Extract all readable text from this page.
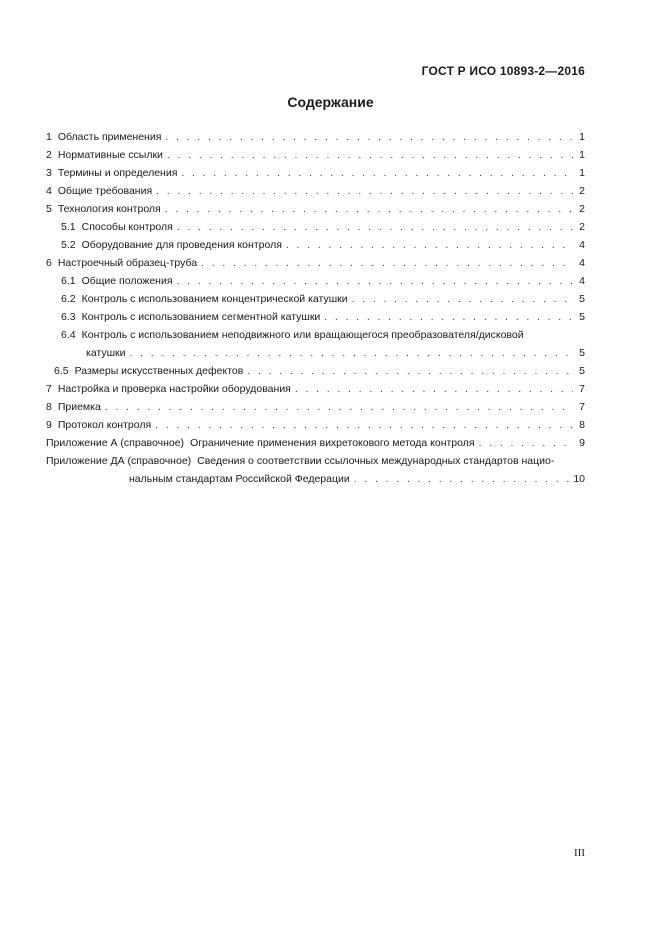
ГОСТ Р ИСО 10893-2—2016
Содержание
1 Область применения . . .	1
2 Нормативные ссылки . . .	1
3 Термины и определения . . .	1
4 Общие требования . . .	2
5 Технология контроля . . .	2
5.1 Способы контроля . . .	2
5.2 Оборудование для проведения контроля . . .	4
6 Настроечный образец-труба . . .	4
6.1 Общие положения . . .	4
6.2 Контроль с использованием концентрической катушки . . .	5
6.3 Контроль с использованием сегментной катушки . . .	5
6.4 Контроль с использованием неподвижного или вращающегося преобразователя/дисковой
катушки . . .	5
6.5 Размеры искусственных дефектов . . .	5
7 Настройка и проверка настройки оборудования . . .	7
8 Приемка . . .	7
9 Протокол контроля . . .	8
Приложение А (справочное) Ограничение применения вихретокового метода контроля . . .	9
Приложение ДА (справочное) Сведения о соответствии ссылочных международных стандартов нацио-
нальным стандартам Российской Федерации . . .	10
III
